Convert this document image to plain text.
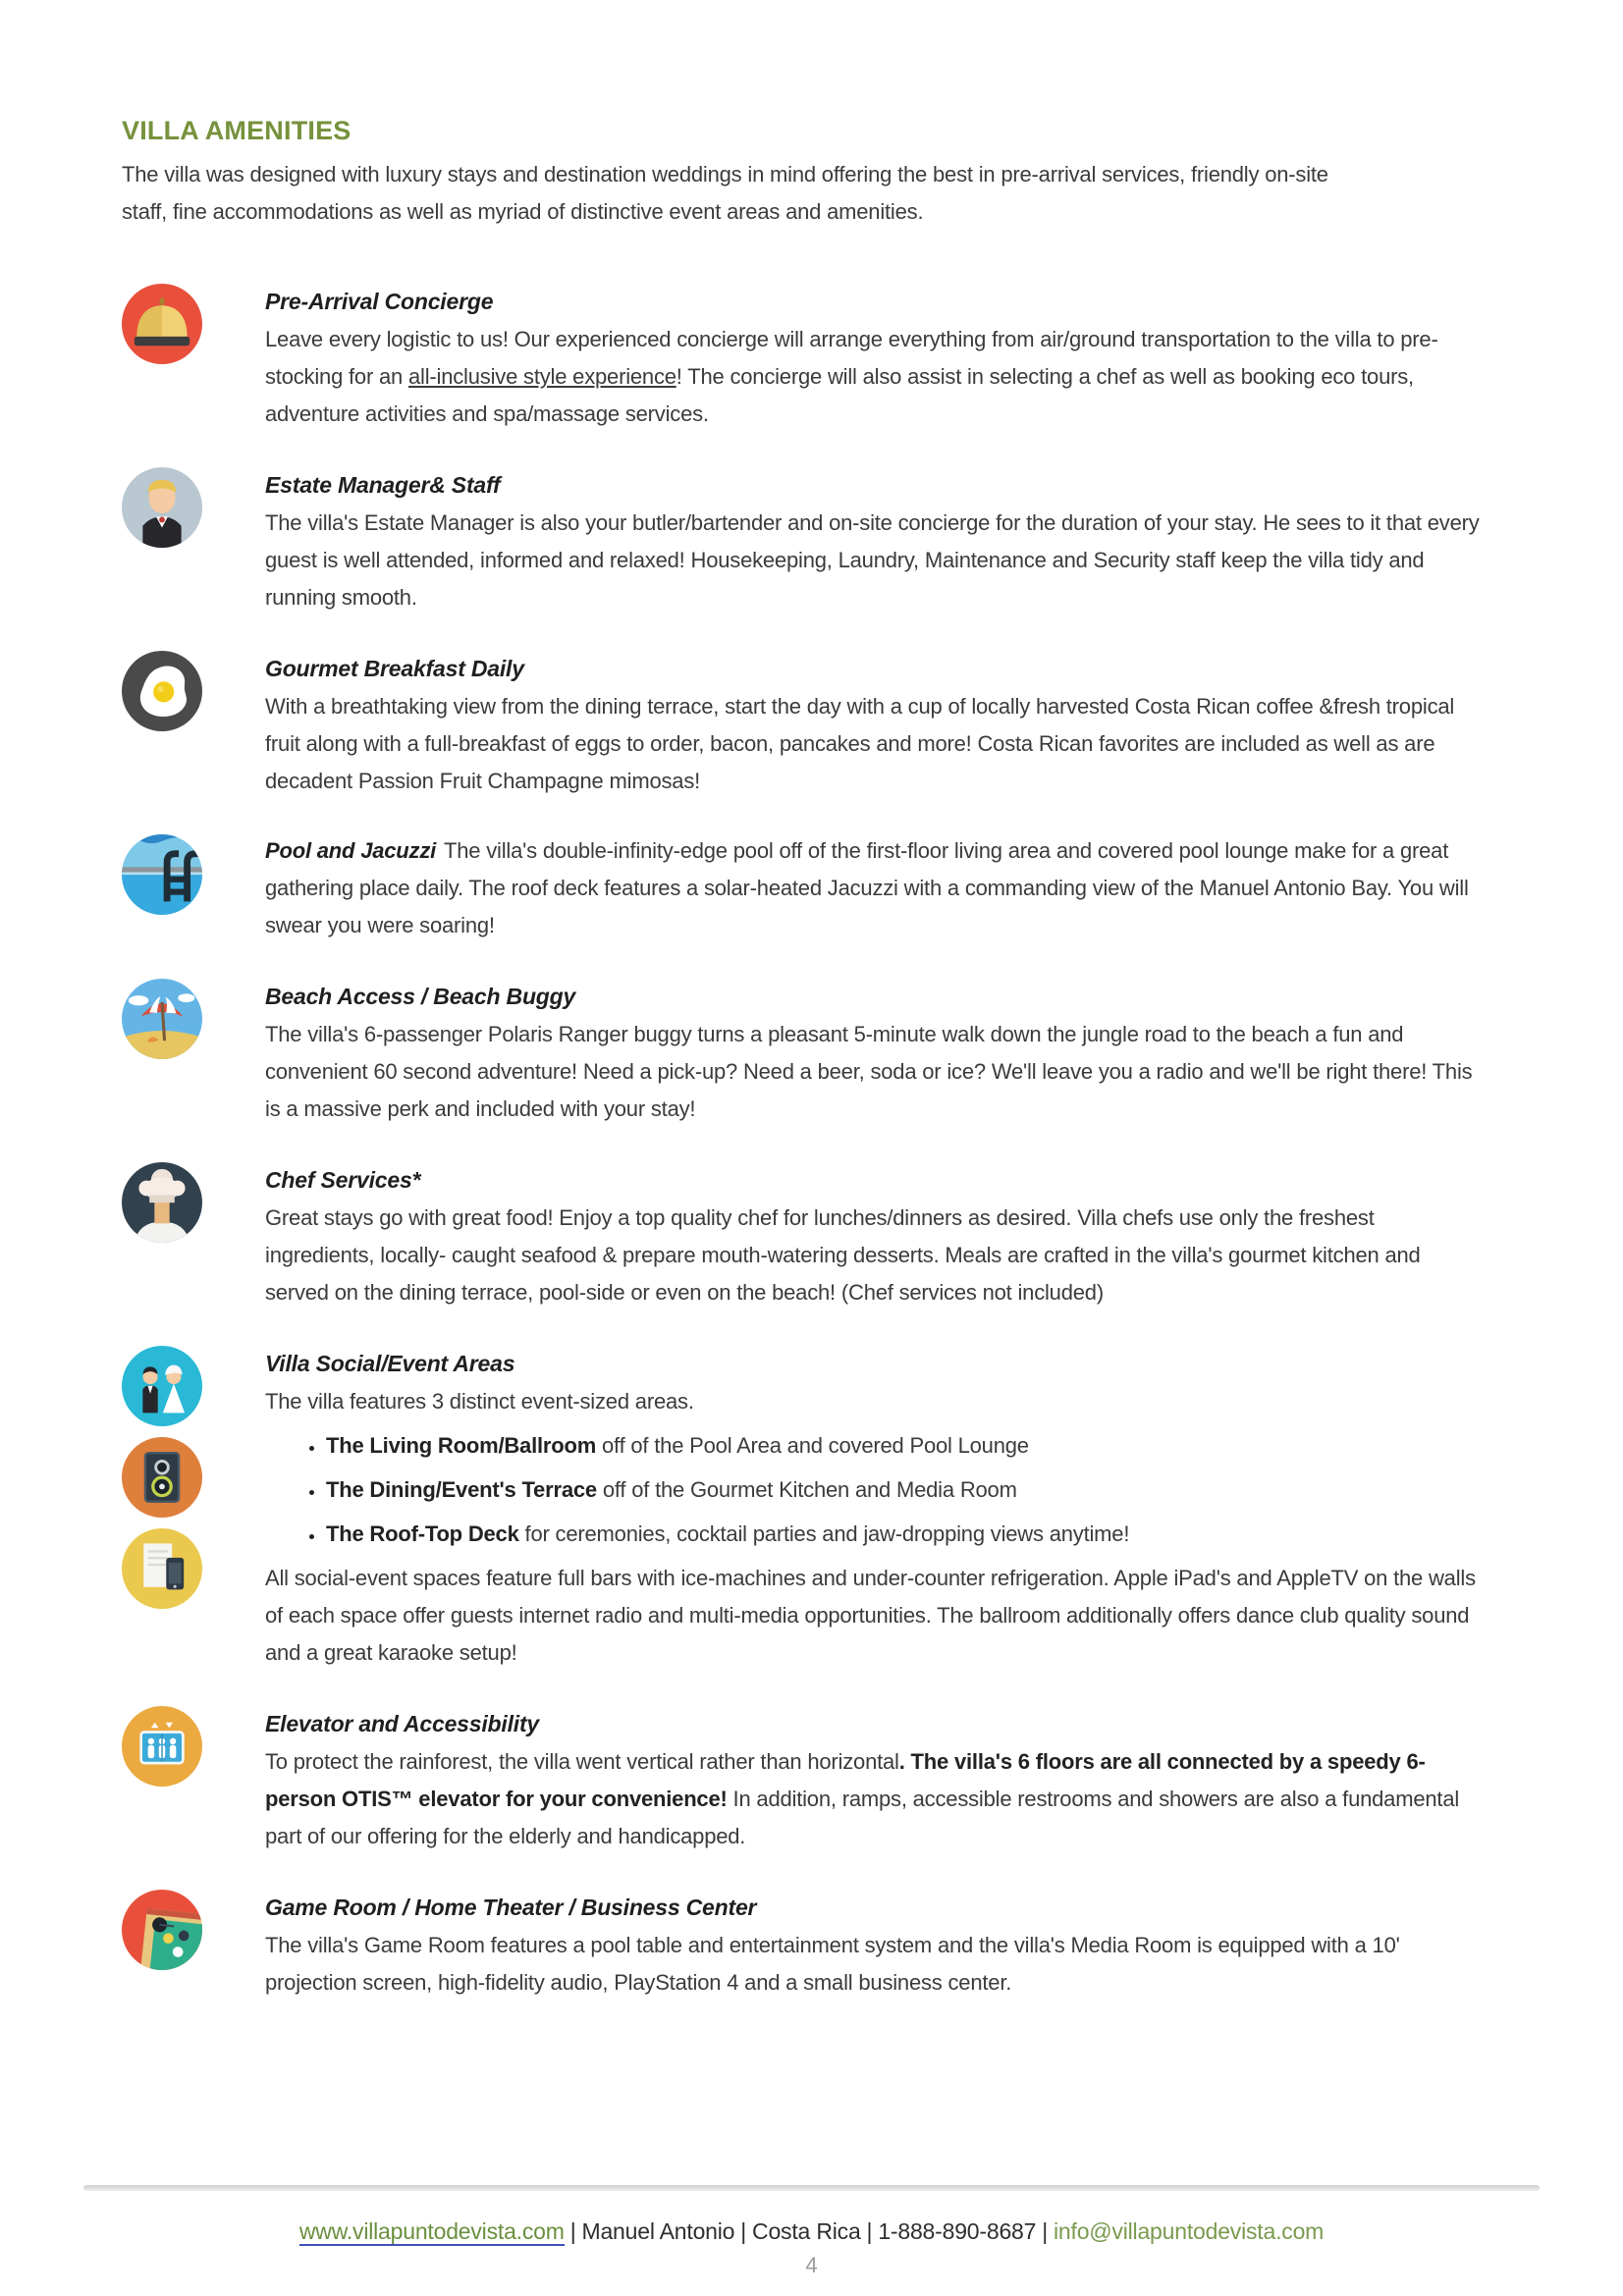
VILLA AMENITIES

The villa was designed with luxury stays and destination weddings in mind offering the best in pre-arrival services, friendly on-site staff, fine accommodations as well as myriad of distinctive event areas and amenities.

Pre-Arrival Concierge

Leave every logistic to us! Our experienced concierge will arrange everything from air/ground transportation to the villa to pre-stocking for an all-inclusive style experience! The concierge will also assist in selecting a chef as well as booking eco tours, adventure activities and spa/massage services.

Estate Manager& Staff

The villa's Estate Manager is also your butler/bartender and on-site concierge for the duration of your stay. He sees to it that every guest is well attended, informed and relaxed! Housekeeping, Laundry, Maintenance and Security staff keep the villa tidy and running smooth.

Gourmet Breakfast Daily

With a breathtaking view from the dining terrace, start the day with a cup of locally harvested Costa Rican coffee &fresh tropical fruit along with a full-breakfast of eggs to order, bacon, pancakes and more! Costa Rican favorites are included as well as are decadent Passion Fruit Champagne mimosas!

Pool and Jacuzzi The villa's double-infinity-edge pool off of the first-floor living area and covered pool lounge make for a great gathering place daily. The roof deck features a solar-heated Jacuzzi with a commanding view of the Manuel Antonio Bay. You will swear you were soaring!

Beach Access / Beach Buggy

The villa's 6-passenger Polaris Ranger buggy turns a pleasant 5-minute walk down the jungle road to the beach a fun and convenient 60 second adventure! Need a pick-up? Need a beer, soda or ice? We'll leave you a radio and we'll be right there! This is a massive perk and included with your stay!

Chef Services*

Great stays go with great food! Enjoy a top quality chef for lunches/dinners as desired. Villa chefs use only the freshest ingredients, locally- caught seafood & prepare mouth-watering desserts. Meals are crafted in the villa's gourmet kitchen and served on the dining terrace, pool-side or even on the beach! (Chef services not included)

Villa Social/Event Areas

The villa features 3 distinct event-sized areas.

• The Living Room/Ballroom off of the Pool Area and covered Pool Lounge
• The Dining/Event's Terrace off of the Gourmet Kitchen and Media Room
• The Roof-Top Deck for ceremonies, cocktail parties and jaw-dropping views anytime!

All social-event spaces feature full bars with ice-machines and under-counter refrigeration. Apple iPad's and AppleTV on the walls of each space offer guests internet radio and multi-media opportunities. The ballroom additionally offers dance club quality sound and a great karaoke setup!

Elevator and Accessibility

To protect the rainforest, the villa went vertical rather than horizontal. The villa's 6 floors are all connected by a speedy 6-person OTIS™ elevator for your convenience! In addition, ramps, accessible restrooms and showers are also a fundamental part of our offering for the elderly and handicapped.

Game Room / Home Theater / Business Center

The villa's Game Room features a pool table and entertainment system and the villa's Media Room is equipped with a 10' projection screen, high-fidelity audio, PlayStation 4 and a small business center.

www.villapuntodevista.com | Manuel Antonio | Costa Rica | 1-888-890-8687 | info@villapuntodevista.com

4
